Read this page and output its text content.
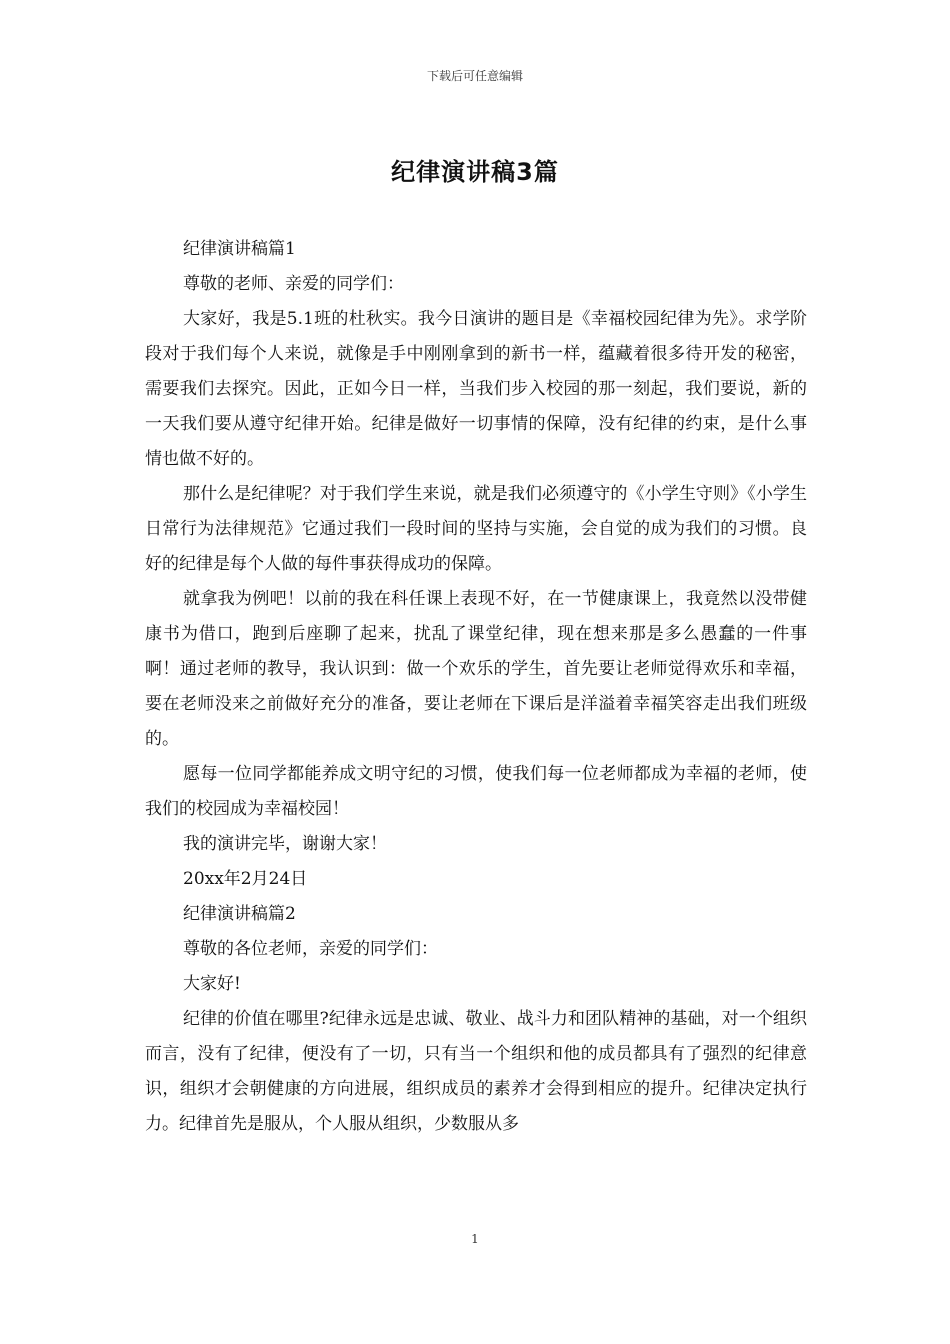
下载后可任意编辑
纪律演讲稿3篇

纪律演讲稿篇1

尊敬的老师、亲爱的同学们：

大家好，我是5.1班的杜秋实。我今日演讲的题目是《幸福校园纪律为先》。求学阶段对于我们每个人来说，就像是手中刚刚拿到的新书一样，蕴藏着很多待开发的秘密，需要我们去探究。因此，正如今日一样，当我们步入校园的那一刻起，我们要说，新的一天我们要从遵守纪律开始。纪律是做好一切事情的保障，没有纪律的约束，是什么事情也做不好的。

那什么是纪律呢？对于我们学生来说，就是我们必须遵守的《小学生守则》《小学生日常行为法律规范》它通过我们一段时间的坚持与实施，会自觉的成为我们的习惯。良好的纪律是每个人做的每件事获得成功的保障。

就拿我为例吧！以前的我在科任课上表现不好，在一节健康课上，我竟然以没带健康书为借口，跑到后座聊了起来，扰乱了课堂纪律，现在想来那是多么愚蠢的一件事啊！通过老师的教导，我认识到：做一个欢乐的学生，首先要让老师觉得欢乐和幸福，要在老师没来之前做好充分的准备，要让老师在下课后是洋溢着幸福笑容走出我们班级的。

愿每一位同学都能养成文明守纪的习惯，使我们每一位老师都成为幸福的老师，使我们的校园成为幸福校园！

我的演讲完毕，谢谢大家！

20xx年2月24日

纪律演讲稿篇2

尊敬的各位老师，亲爱的同学们：

大家好!

纪律的价值在哪里?纪律永远是忠诚、敬业、战斗力和团队精神的基础，对一个组织而言，没有了纪律，便没有了一切，只有当一个组织和他的成员都具有了强烈的纪律意识，组织才会朝健康的方向进展，组织成员的素养才会得到相应的提升。纪律决定执行力。纪律首先是服从，个人服从组织，少数服从多

1
